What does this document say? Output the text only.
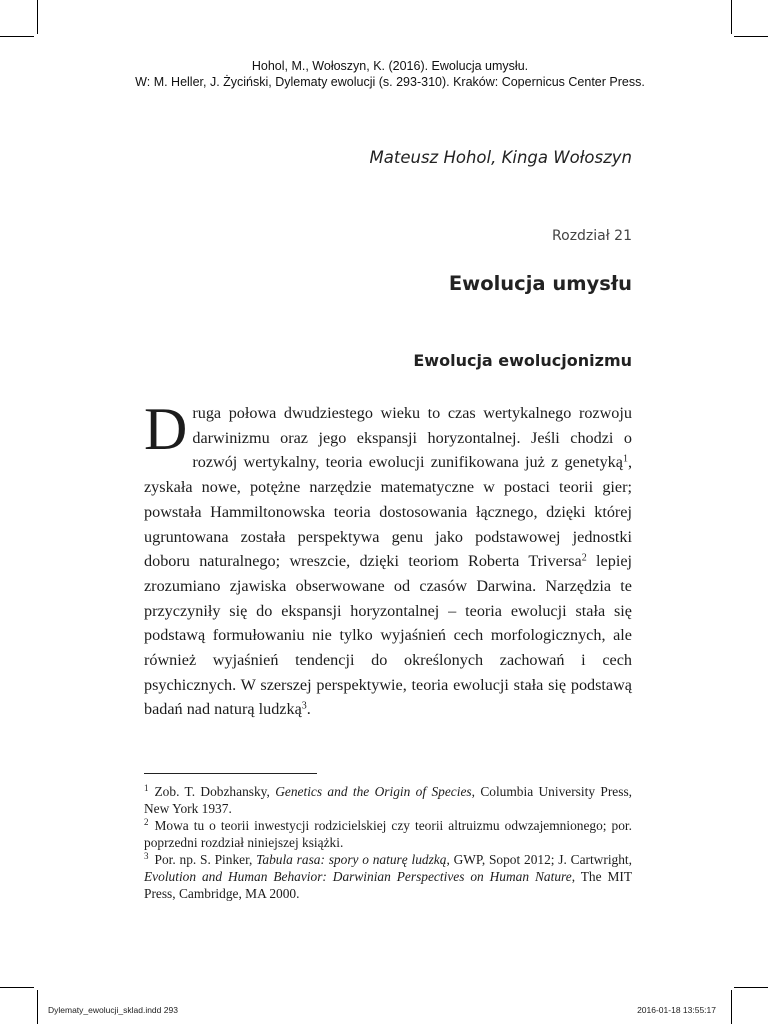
Hohol, M., Wołoszyn, K. (2016). Ewolucja umysłu.
W: M. Heller, J. Życiński, Dylematy ewolucji (s. 293-310). Kraków: Copernicus Center Press.
Mateusz Hohol, Kinga Wołoszyn
Rozdział 21
Ewolucja umysłu
Ewolucja ewolucjonizmu
Druga połowa dwudziestego wieku to czas wertykalnego rozwoju darwinizmu oraz jego ekspansji horyzontalnej. Jeśli chodzi o rozwój wertykalny, teoria ewolucji zunifikowana już z genetyką$^1$, zyskała nowe, potężne narzędzie matematyczne w postaci teorii gier; powstała Hammiltonowska teoria dostosowania łącznego, dzięki której ugruntowana została perspektywa genu jako podstawowej jednostki doboru naturalnego; wreszcie, dzięki teoriom Roberta Triversa$^2$ lepiej zrozumiano zjawiska obserwowane od czasów Darwina. Narzędzia te przyczyniły się do ekspansji horyzontalnej – teoria ewolucji stała się podstawą formułowaniu nie tylko wyjaśnień cech morfologicznych, ale również wyjaśnień tendencji do określonych zachowań i cech psychicznych. W szerszej perspektywie, teoria ewolucji stała się podstawą badań nad naturą ludzką$^3$.

$^1$ Zob. T. Dobzhansky, Genetics and the Origin of Species, Columbia University Press, New York 1937.

$^2$ Mowa tu o teorii inwestycji rodzicielskiej czy teorii altruizmu odwzajemnionego; por. poprzedni rozdział niniejszej książki.

$^3$ Por. np. S. Pinker, Tabula rasa: spory o naturę ludzką, GWP, Sopot 2012; J. Cartwright, Evolution and Human Behavior: Darwinian Perspectives on Human Nature, The MIT Press, Cambridge, MA 2000.

Dylematy_ewolucji_sklad.indd 293	2016-01-18 13:55:17
